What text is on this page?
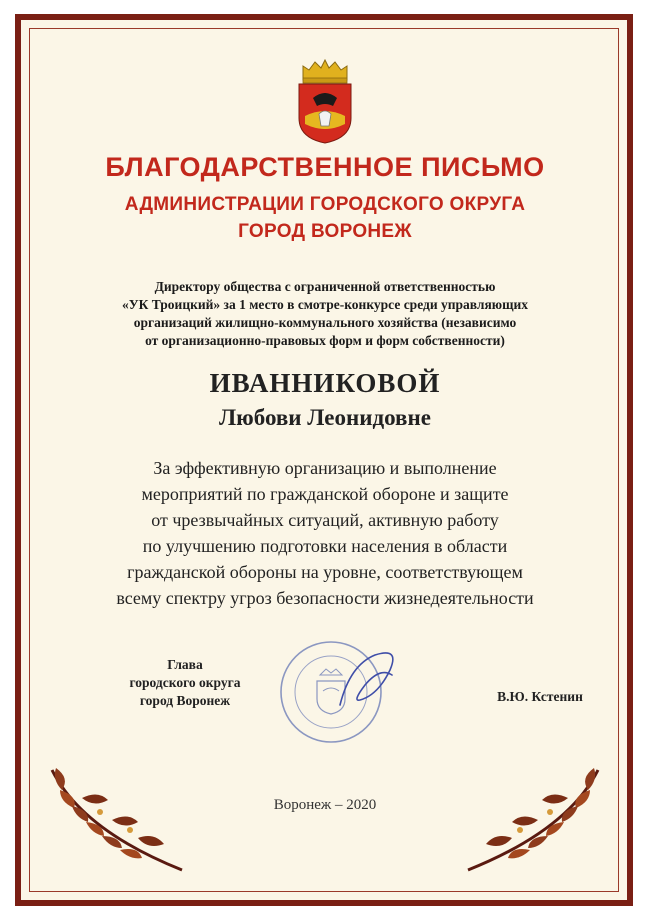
БЛАГОДАРСТВЕННОЕ ПИСЬМО
АДМИНИСТРАЦИИ ГОРОДСКОГО ОКРУГА
ГОРОД ВОРОНЕЖ
Директору общества с ограниченной ответственностью
«УК Троицкий» за 1 место в смотре-конкурсе среди управляющих
организаций жилищно-коммунального хозяйства (независимо
от организационно-правовых форм и форм собственности)
ИВАННИКОВОЙ
Любови Леонидовне
За эффективную организацию и выполнение
мероприятий по гражданской обороне и защите
от чрезвычайных ситуаций, активную работу
по улучшению подготовки населения в области
гражданской обороны на уровне, соответствующем
всему спектру угроз безопасности жизнедеятельности
Глава
городского округа
город Воронеж	В.Ю. Кстенин
Воронеж – 2020
